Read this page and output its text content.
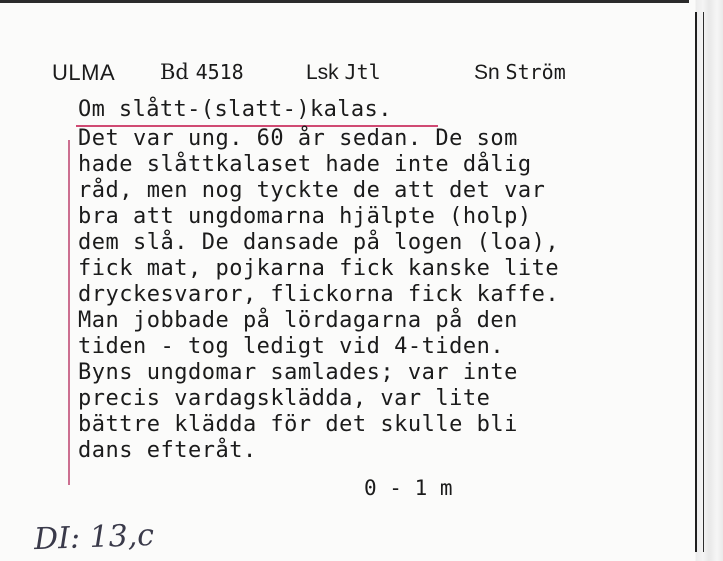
ULMA Bd 4518	Lsk Jtl	Sn Ström
Om slått-(slatt-)kalas.
Det var ung. 60 år sedan. De som
hade slåttkalaset hade inte dålig
råd, men nog tyckte de att det var
bra att ungdomarna hjälpte (holp)
dem slå. De dansade på logen (loa),
fick mat, pojkarna fick kanske lite
dryckesvaror, flickorna fick kaffe.
Man jobbade på lördagarna på den
tiden - tog ledigt vid 4-tiden.
Byns ungdomar samlades; var inte
precis vardagsklädda, var lite
bättre klädda för det skulle bli
dans efteråt.
0 - 1 m
DI: 13,c
